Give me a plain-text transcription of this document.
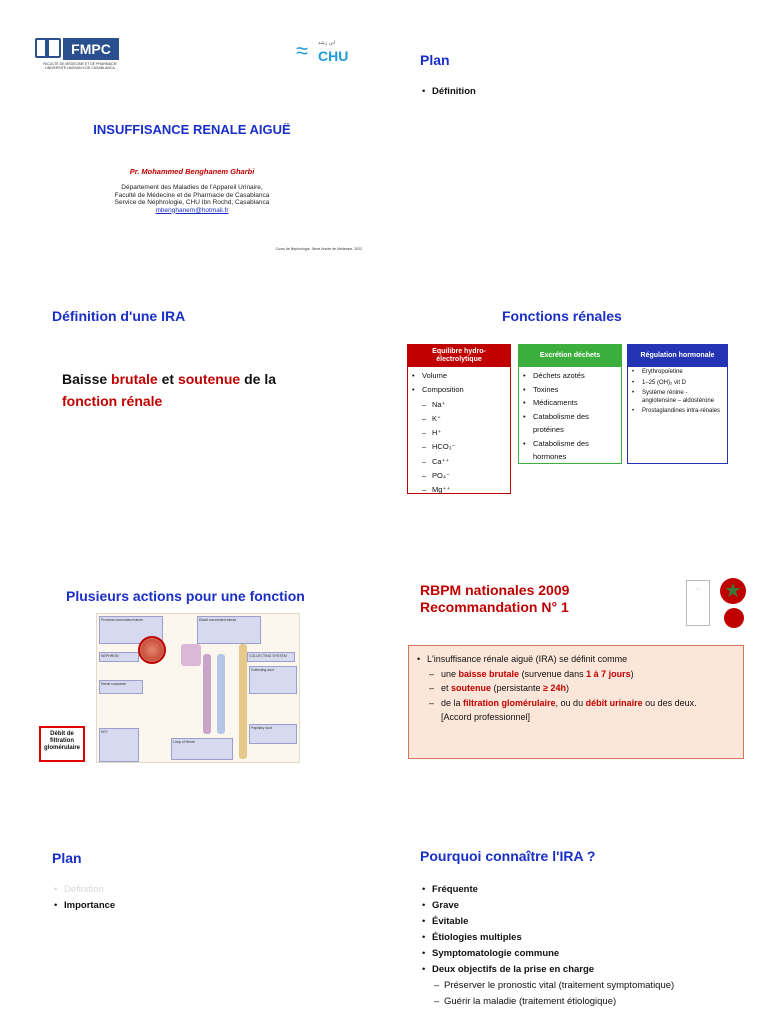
FMPC
FACULTÉ DE MÉDECINE ET DE PHARMACIE UNIVERSITÉ HASSAN II DE CASABLANCA
≈ ابن رشد
CHU
INSUFFISANCE RENALE AIGUË
Pr. Mohammed Benghanem Gharbi
Département des Maladies de l'Appareil Urinaire,
Faculté de Médecine et de Pharmacie de Casablanca
Service de Néphrologie, CHU Ibn Rochd, Casablanca
mbenghanem@hotmail.fr
Cours de Néphrologie, 3ème Année de Médecine, 2022
Plan
• Définition
Définition d'une IRA
Baisse brutale et soutenue de la
fonction rénale
Fonctions rénales
Equilibre hydro-électrolytique
• Volume
• Composition
– Na⁺
– K⁺
– H⁺
– HCO₃⁻
– Ca⁺⁺
– PO₄⁻
– Mg⁺⁺
Excrétion déchets
• Déchets azotés
• Toxines
• Médicaments
• Catabolisme des protéines
• Catabolisme des hormones
Régulation hormonale
• Erythropoïetine
• 1–25 (OH)₂ vit D
• Système rénine - angiotensine – aldostérone
• Prostaglandines intra-rénales
Plusieurs actions pour une fonction
Proximal convoluted tubule	Distal convoluted tubule
NEPHRON
Renal corpuscle
COLLECTING SYSTEM
Collecting duct
Papillary duct
KEY
Loop of Henle
Débit de filtration glomérulaire
RBPM nationales 2009
Recommandation N° 1
📄	★
• L'insuffisance rénale aiguë (IRA) se définit comme
– une baisse brutale (survenue dans 1 à 7 jours)
– et soutenue (persistante ≥ 24h)
– de la filtration glomérulaire, ou du débit urinaire ou des deux.
[Accord professionnel]
Plan
• Définition
• Importance
Pourquoi connaître l'IRA ?
• Fréquente
• Grave
• Évitable
• Étiologies multiples
• Symptomatologie commune
• Deux objectifs de la prise en charge
– Préserver le pronostic vital (traitement symptomatique)
– Guérir la maladie (traitement étiologique)
